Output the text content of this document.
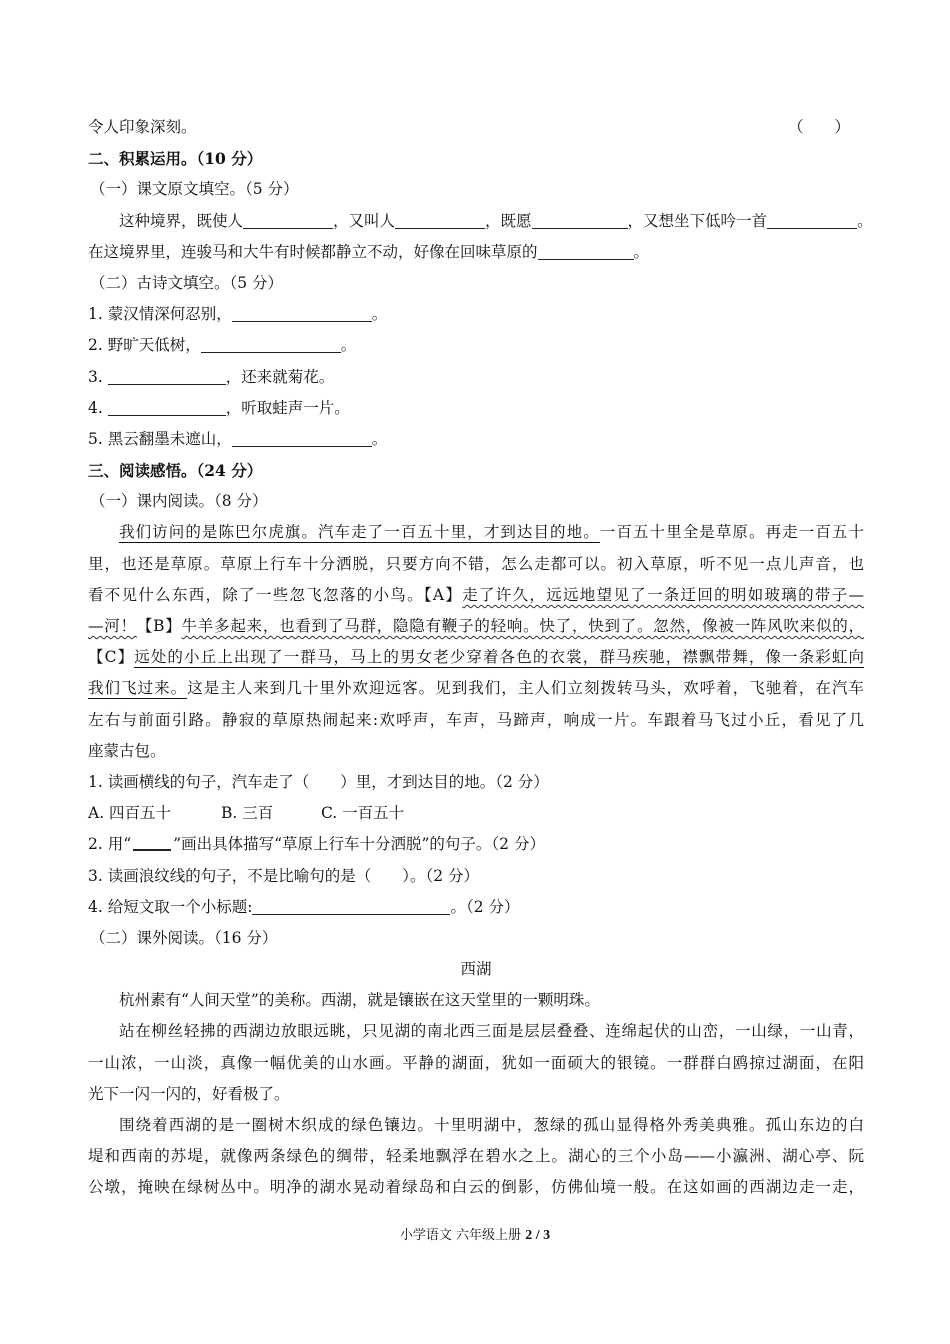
令人印象深刻。	（　　）
二、积累运用。（10 分）
（一）课文原文填空。（5 分）
这种境界，既使人	，又叫人	，既愿	，又想坐下低吟一首	。
在这境界里，连骏马和大牛有时候都静立不动，好像在回味草原的	。
（二）古诗文填空。（5 分）
1. 蒙汉情深何忍别，	。
2. 野旷天低树，	。
3.	，还来就菊花。
4.	，听取蛙声一片。
5. 黑云翻墨未遮山，	。
三、阅读感悟。（24 分）
（一）课内阅读。（8 分）
我们访问的是陈巴尔虎旗。汽车走了一百五十里，才到达目的地。一百五十里全是草原。再走一百五十
里，也还是草原。草原上行车十分洒脱，只要方向不错，怎么走都可以。初入草原，听不见一点儿声音，也
看不见什么东西，除了一些忽飞忽落的小鸟。【A】走了许久，远远地望见了一条迂回的明如玻璃的带子—
—河！【B】牛羊多起来，也看到了马群，隐隐有鞭子的轻响。快了，快到了。忽然，像被一阵风吹来似的，
【C】远处的小丘上出现了一群马，马上的男女老少穿着各色的衣裳，群马疾驰，襟飘带舞，像一条彩虹向
我们飞过来。这是主人来到几十里外欢迎远客。见到我们，主人们立刻拨转马头，欢呼着，飞驰着，在汽车
左右与前面引路。静寂的草原热闹起来:欢呼声，车声，马蹄声，响成一片。车跟着马飞过小丘，看见了几
座蒙古包。
1. 读画横线的句子，汽车走了（　　）里，才到达目的地。（2 分）
A. 四百五十	B. 三百	C. 一百五十
2. 用“	”画出具体描写“草原上行车十分洒脱”的句子。（2 分）
3. 读画浪纹线的句子，不是比喻句的是（　　）。（2 分）
4. 给短文取一个小标题:	。（2 分）
（二）课外阅读。（16 分）
西湖
杭州素有“人间天堂”的美称。西湖，就是镶嵌在这天堂里的一颗明珠。
站在柳丝轻拂的西湖边放眼远眺，只见湖的南北西三面是层层叠叠、连绵起伏的山峦，一山绿，一山青，
一山浓，一山淡，真像一幅优美的山水画。平静的湖面，犹如一面硕大的银镜。一群群白鸥掠过湖面，在阳
光下一闪一闪的，好看极了。
围绕着西湖的是一圈树木织成的绿色镶边。十里明湖中，葱绿的孤山显得格外秀美典雅。孤山东边的白
堤和西南的苏堤，就像两条绿色的绸带，轻柔地飘浮在碧水之上。湖心的三个小岛——小瀛洲、湖心亭、阮
公墩，掩映在绿树丛中。明净的湖水晃动着绿岛和白云的倒影，仿佛仙境一般。在这如画的西湖边走一走，
小学语文 六年级上册 2 / 3
